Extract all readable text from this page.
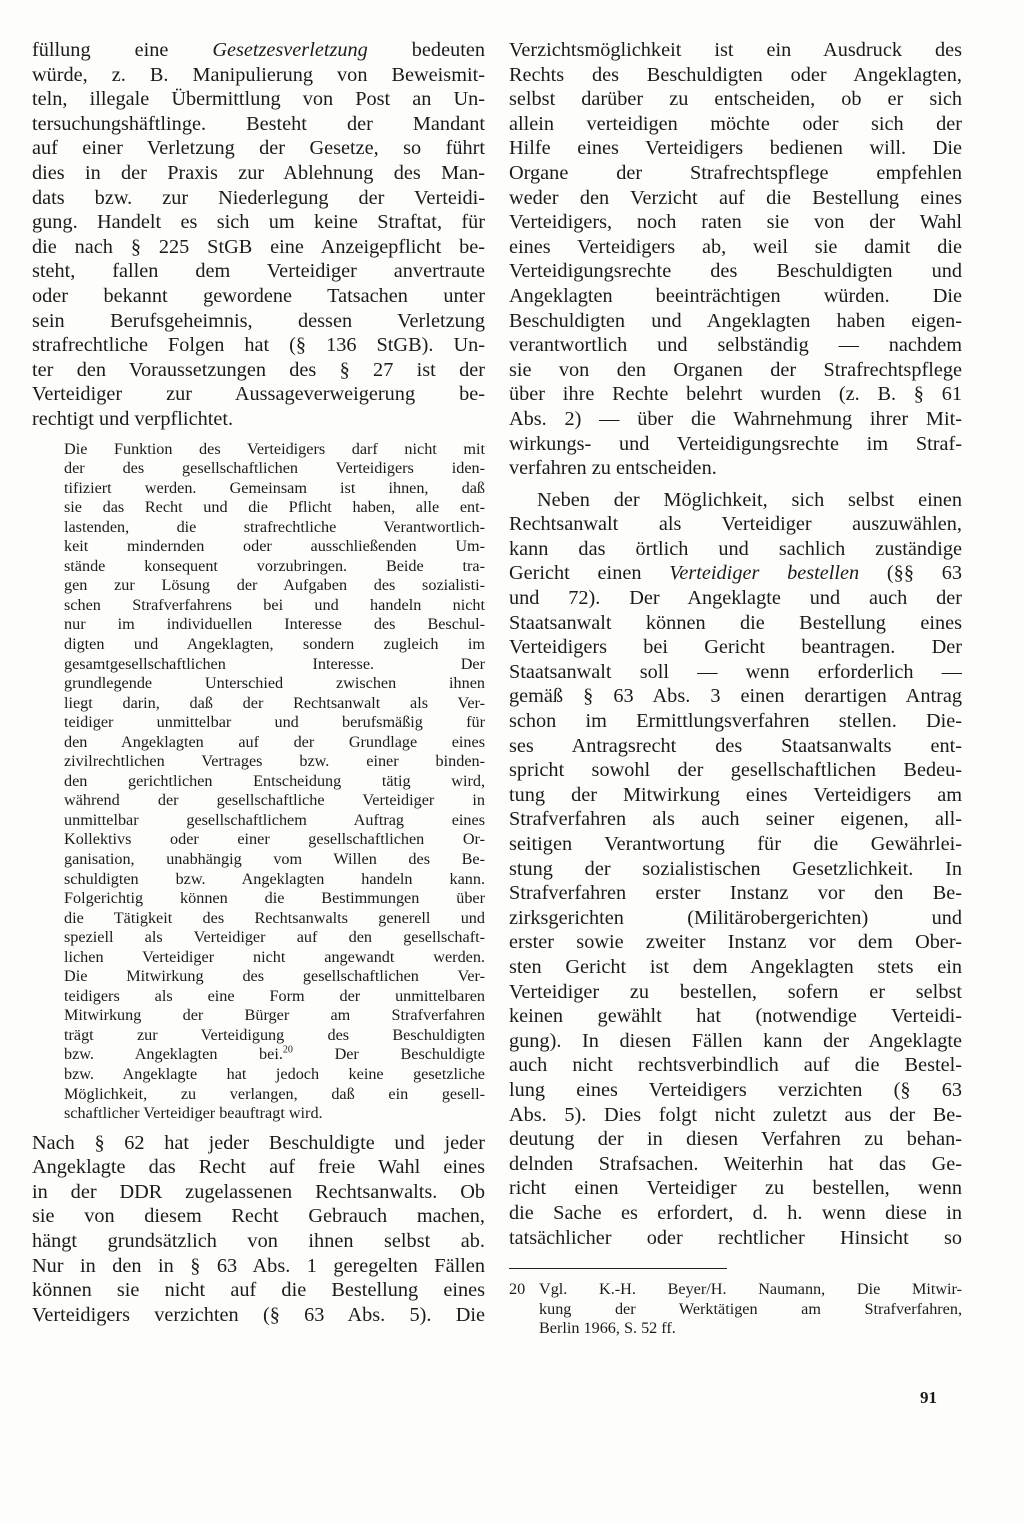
füllung eine Gesetzesverletzung bedeuten
würde, z. B. Manipulierung von Beweismit-
teln, illegale Übermittlung von Post an Un-
tersuchungshäftlinge. Besteht der Mandant
auf einer Verletzung der Gesetze, so führt
dies in der Praxis zur Ablehnung des Man-
dats bzw. zur Niederlegung der Verteidi-
gung. Handelt es sich um keine Straftat, für
die nach § 225 StGB eine Anzeigepflicht be-
steht, fallen dem Verteidiger anvertraute
oder bekannt gewordene Tatsachen unter
sein Berufsgeheimnis, dessen Verletzung
strafrechtliche Folgen hat (§ 136 StGB). Un-
ter den Voraussetzungen des § 27 ist der
Verteidiger zur Aussageverweigerung be-
rechtigt und verpflichtet.
Die Funktion des Verteidigers darf nicht mit
der des gesellschaftlichen Verteidigers iden-
tifiziert werden. Gemeinsam ist ihnen, daß
sie das Recht und die Pflicht haben, alle ent-
lastenden, die strafrechtliche Verantwortlich-
keit mindernden oder ausschließenden Um-
stände konsequent vorzubringen. Beide tra-
gen zur Lösung der Aufgaben des sozialisti-
schen Strafverfahrens bei und handeln nicht
nur im individuellen Interesse des Beschul-
digten und Angeklagten, sondern zugleich im
gesamtgesellschaftlichen Interesse. Der
grundlegende Unterschied zwischen ihnen
liegt darin, daß der Rechtsanwalt als Ver-
teidiger unmittelbar und berufsmäßig für
den Angeklagten auf der Grundlage eines
zivilrechtlichen Vertrages bzw. einer binden-
den gerichtlichen Entscheidung tätig wird,
während der gesellschaftliche Verteidiger in
unmittelbar gesellschaftlichem Auftrag eines
Kollektivs oder einer gesellschaftlichen Or-
ganisation, unabhängig vom Willen des Be-
schuldigten bzw. Angeklagten handeln kann.
Folgerichtig können die Bestimmungen über
die Tätigkeit des Rechtsanwalts generell und
speziell als Verteidiger auf den gesellschaft-
lichen Verteidiger nicht angewandt werden.
Die Mitwirkung des gesellschaftlichen Ver-
teidigers als eine Form der unmittelbaren
Mitwirkung der Bürger am Strafverfahren
trägt zur Verteidigung des Beschuldigten
bzw. Angeklagten bei.$^{20}$ Der Beschuldigte
bzw. Angeklagte hat jedoch keine gesetzliche
Möglichkeit, zu verlangen, daß ein gesell-
schaftlicher Verteidiger beauftragt wird.
Nach § 62 hat jeder Beschuldigte und jeder
Angeklagte das Recht auf freie Wahl eines
in der DDR zugelassenen Rechtsanwalts. Ob
sie von diesem Recht Gebrauch machen,
hängt grundsätzlich von ihnen selbst ab.
Nur in den in § 63 Abs. 1 geregelten Fällen
können sie nicht auf die Bestellung eines
Verteidigers verzichten (§ 63 Abs. 5). Die
Verzichtsmöglichkeit ist ein Ausdruck des
Rechts des Beschuldigten oder Angeklagten,
selbst darüber zu entscheiden, ob er sich
allein verteidigen möchte oder sich der
Hilfe eines Verteidigers bedienen will. Die
Organe der Strafrechtspflege empfehlen
weder den Verzicht auf die Bestellung eines
Verteidigers, noch raten sie von der Wahl
eines Verteidigers ab, weil sie damit die
Verteidigungsrechte des Beschuldigten und
Angeklagten beeinträchtigen würden. Die
Beschuldigten und Angeklagten haben eigen-
verantwortlich und selbständig — nachdem
sie von den Organen der Strafrechtspflege
über ihre Rechte belehrt wurden (z. B. § 61
Abs. 2) — über die Wahrnehmung ihrer Mit-
wirkungs- und Verteidigungsrechte im Straf-
verfahren zu entscheiden.
Neben der Möglichkeit, sich selbst einen
Rechtsanwalt als Verteidiger auszuwählen,
kann das örtlich und sachlich zuständige
Gericht einen Verteidiger bestellen (§§ 63
und 72). Der Angeklagte und auch der
Staatsanwalt können die Bestellung eines
Verteidigers bei Gericht beantragen. Der
Staatsanwalt soll — wenn erforderlich —
gemäß § 63 Abs. 3 einen derartigen Antrag
schon im Ermittlungsverfahren stellen. Die-
ses Antragsrecht des Staatsanwalts ent-
spricht sowohl der gesellschaftlichen Bedeu-
tung der Mitwirkung eines Verteidigers am
Strafverfahren als auch seiner eigenen, all-
seitigen Verantwortung für die Gewährlei-
stung der sozialistischen Gesetzlichkeit. In
Strafverfahren erster Instanz vor den Be-
zirksgerichten (Militärobergerichten) und
erster sowie zweiter Instanz vor dem Ober-
sten Gericht ist dem Angeklagten stets ein
Verteidiger zu bestellen, sofern er selbst
keinen gewählt hat (notwendige Verteidi-
gung). In diesen Fällen kann der Angeklagte
auch nicht rechtsverbindlich auf die Bestel-
lung eines Verteidigers verzichten (§ 63
Abs. 5). Dies folgt nicht zuletzt aus der Be-
deutung der in diesen Verfahren zu behan-
delnden Strafsachen. Weiterhin hat das Ge-
richt einen Verteidiger zu bestellen, wenn
die Sache es erfordert, d. h. wenn diese in
tatsächlicher oder rechtlicher Hinsicht so
20 Vgl. K.-H. Beyer/H. Naumann, Die Mitwir-
kung der Werktätigen am Strafverfahren,
Berlin 1966, S. 52 ff.
91
